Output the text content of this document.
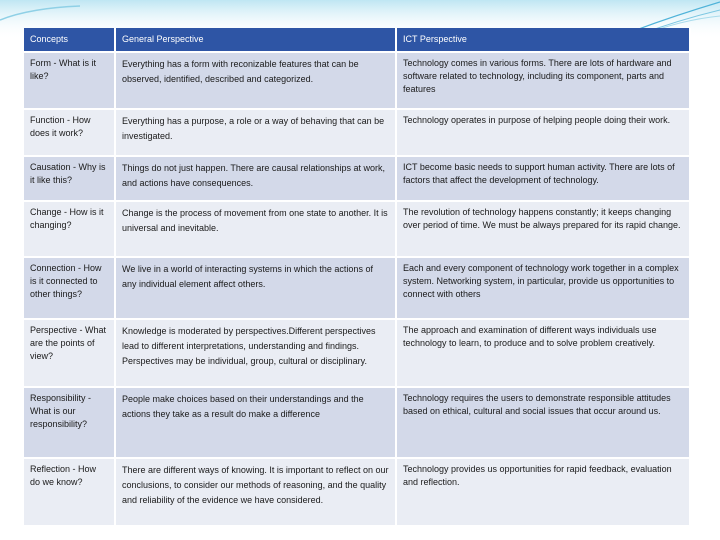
Concepts	General Perspective	ICT Perspective
Form - What is it like?	Everything has a form with reconizable features that can be observed, identified, described and categorized.	Technology comes in various forms. There are lots of hardware and software related to technology, including its component, parts and features
Function - How does it work?	Everything has a purpose, a role or a way of behaving that can be investigated.	Technology operates in purpose of helping people doing their work.
Causation - Why is it like this?	Things do not just happen. There are causal relationships at work, and actions have consequences.	ICT become basic needs to support human activity. There are lots of factors that affect the development of technology.
Change - How is it changing?	Change is the process of movement from one state to another. It is universal and inevitable.	The revolution of technology happens constantly; it keeps changing over period of time. We must be always prepared for its rapid change.
Connection - How is it connected to other things?	We live in a world of interacting systems in which the actions of any individual element affect others.	Each and every component of technology work together in a complex system. Networking system, in particular, provide us opportunities to connect with others
Perspective - What are the points of view?	Knowledge is moderated by perspectives.Different perspectives lead to different interpretations, understanding and findings. Perspectives may be individual, group, cultural or disciplinary.	The approach and examination of different ways individuals use technology to learn, to produce and to solve problem creatively.
Responsibility - What is our responsibility?	People make choices based on their understandings and the actions they take as a result do make a difference	Technology requires the users to demonstrate responsible attitudes based on ethical, cultural and social issues that occur around us.
Reflection - How do we know?	There are different ways of knowing. It is important to reflect on our conclusions, to consider our methods of reasoning, and the quality and reliability of the evidence we have considered.	Technology provides us opportunities for rapid feedback, evaluation and reflection.
